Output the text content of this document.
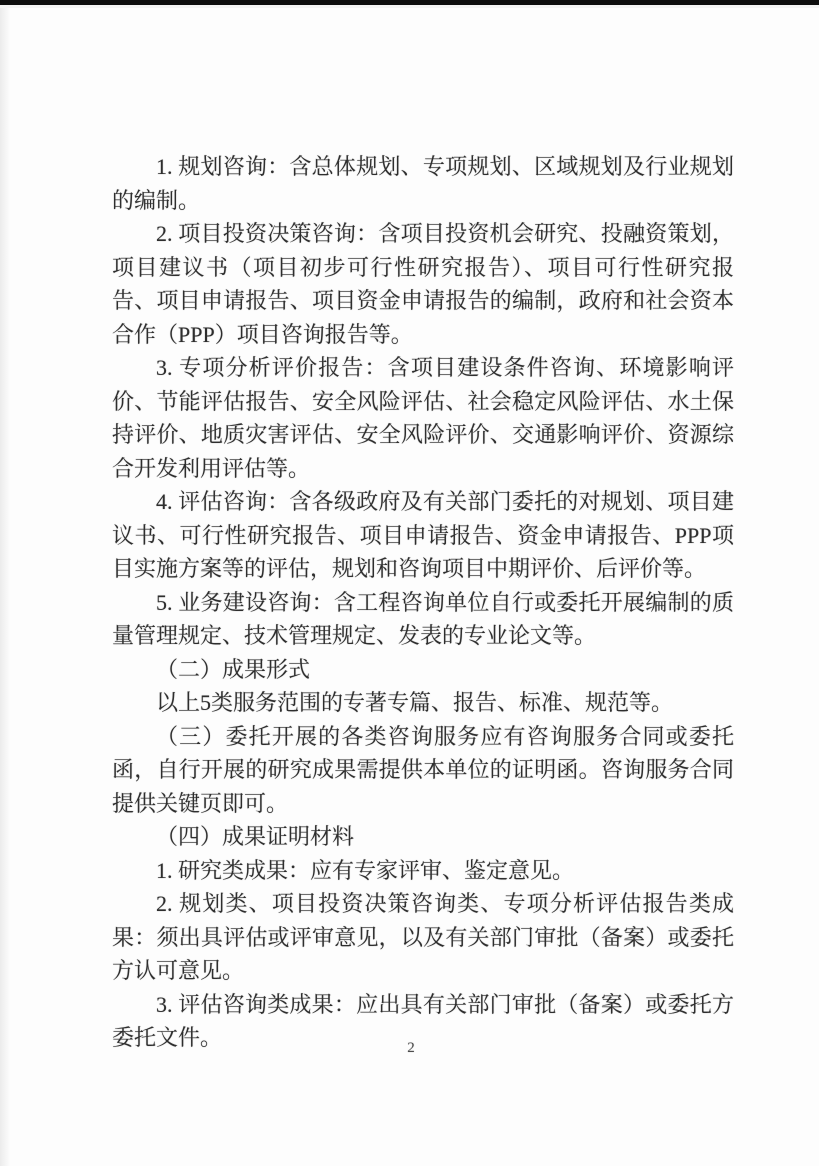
1. 规划咨询：含总体规划、专项规划、区域规划及行业规划的编制。

2. 项目投资决策咨询：含项目投资机会研究、投融资策划，项目建议书（项目初步可行性研究报告）、项目可行性研究报告、项目申请报告、项目资金申请报告的编制，政府和社会资本合作（PPP）项目咨询报告等。

3. 专项分析评价报告：含项目建设条件咨询、环境影响评价、节能评估报告、安全风险评估、社会稳定风险评估、水土保持评价、地质灾害评估、安全风险评价、交通影响评价、资源综合开发利用评估等。

4. 评估咨询：含各级政府及有关部门委托的对规划、项目建议书、可行性研究报告、项目申请报告、资金申请报告、PPP项目实施方案等的评估，规划和咨询项目中期评价、后评价等。

5. 业务建设咨询：含工程咨询单位自行或委托开展编制的质量管理规定、技术管理规定、发表的专业论文等。

（二）成果形式

以上5类服务范围的专著专篇、报告、标准、规范等。

（三）委托开展的各类咨询服务应有咨询服务合同或委托函，自行开展的研究成果需提供本单位的证明函。咨询服务合同提供关键页即可。

（四）成果证明材料

1. 研究类成果：应有专家评审、鉴定意见。

2. 规划类、项目投资决策咨询类、专项分析评估报告类成果：须出具评估或评审意见，以及有关部门审批（备案）或委托方认可意见。

3. 评估咨询类成果：应出具有关部门审批（备案）或委托方委托文件。	2
